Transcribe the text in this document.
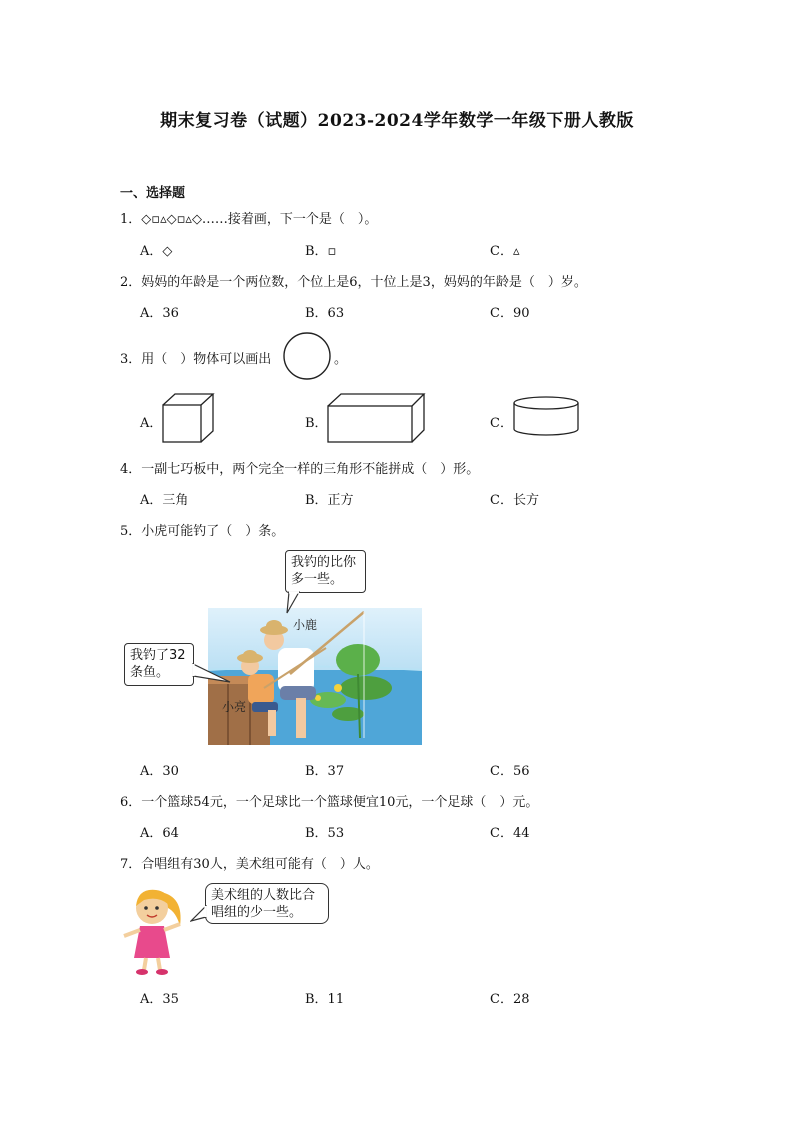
期末复习卷（试题）2023-2024学年数学一年级下册人教版
一、选择题
1．◇▫▵◇▫▵◇……接着画，下一个是（　）。
A．◇	B．▫	C．▵
2．妈妈的年龄是一个两位数，个位上是6，十位上是3，妈妈的年龄是（　）岁。
A．36	B．63	C．90
3．用（　）物体可以画出	。
A．	B．	C．
4．一副七巧板中，两个完全一样的三角形不能拼成（　）形。
A．三角	B．正方	C．长方
5．小虎可能钓了（　）条。
小鹿
小亮
我钓的比你多一些。
我钓了32条鱼。
A．30	B．37	C．56
6．一个篮球54元，一个足球比一个篮球便宜10元，一个足球（　）元。
A．64	B．53	C．44
7．合唱组有30人，美术组可能有（　）人。
美术组的人数比合唱组的少一些。
A．35	B．11	C．28
